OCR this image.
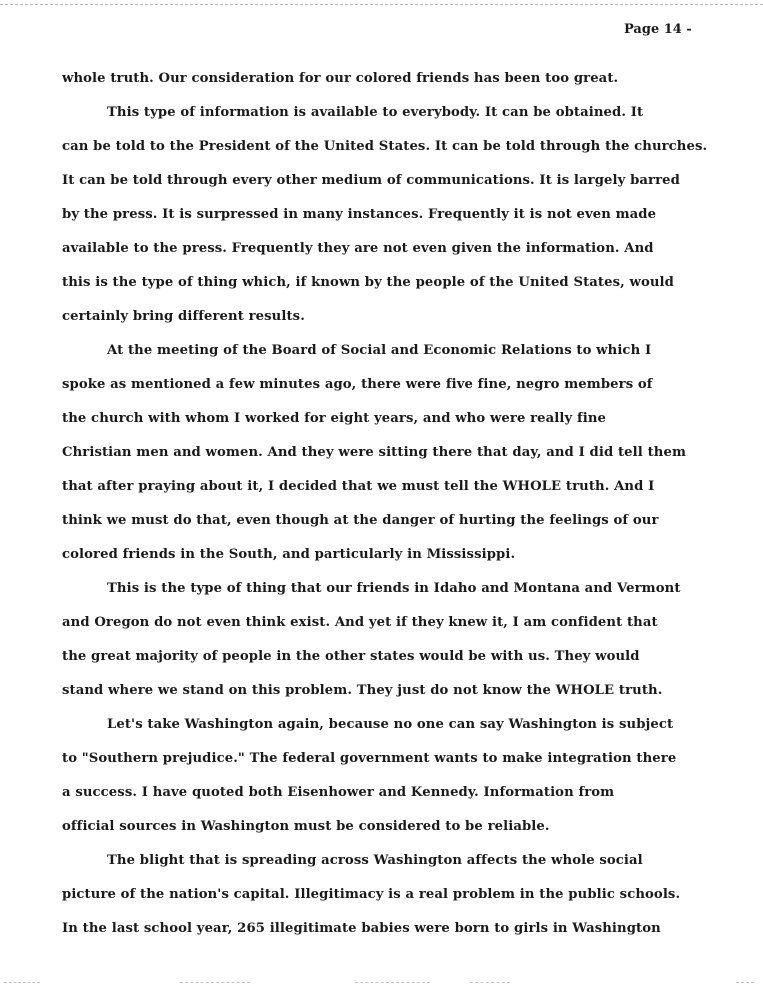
Page 14 -
whole truth. Our consideration for our colored friends has been too great.
This type of information is available to everybody. It can be obtained. It
can be told to the President of the United States. It can be told through the churches.
It can be told through every other medium of communications. It is largely barred
by the press. It is surpressed in many instances. Frequently it is not even made
available to the press. Frequently they are not even given the information. And
this is the type of thing which, if known by the people of the United States, would
certainly bring different results.
At the meeting of the Board of Social and Economic Relations to which I
spoke as mentioned a few minutes ago, there were five fine, negro members of
the church with whom I worked for eight years, and who were really fine
Christian men and women. And they were sitting there that day, and I did tell them
that after praying about it, I decided that we must tell the WHOLE truth. And I
think we must do that, even though at the danger of hurting the feelings of our
colored friends in the South, and particularly in Mississippi.
This is the type of thing that our friends in Idaho and Montana and Vermont
and Oregon do not even think exist. And yet if they knew it, I am confident that
the great majority of people in the other states would be with us. They would
stand where we stand on this problem. They just do not know the WHOLE truth.
Let's take Washington again, because no one can say Washington is subject
to "Southern prejudice." The federal government wants to make integration there
a success. I have quoted both Eisenhower and Kennedy. Information from
official sources in Washington must be considered to be reliable.
The blight that is spreading across Washington affects the whole social
picture of the nation's capital. Illegitimacy is a real problem in the public schools.
In the last school year, 265 illegitimate babies were born to girls in Washington
